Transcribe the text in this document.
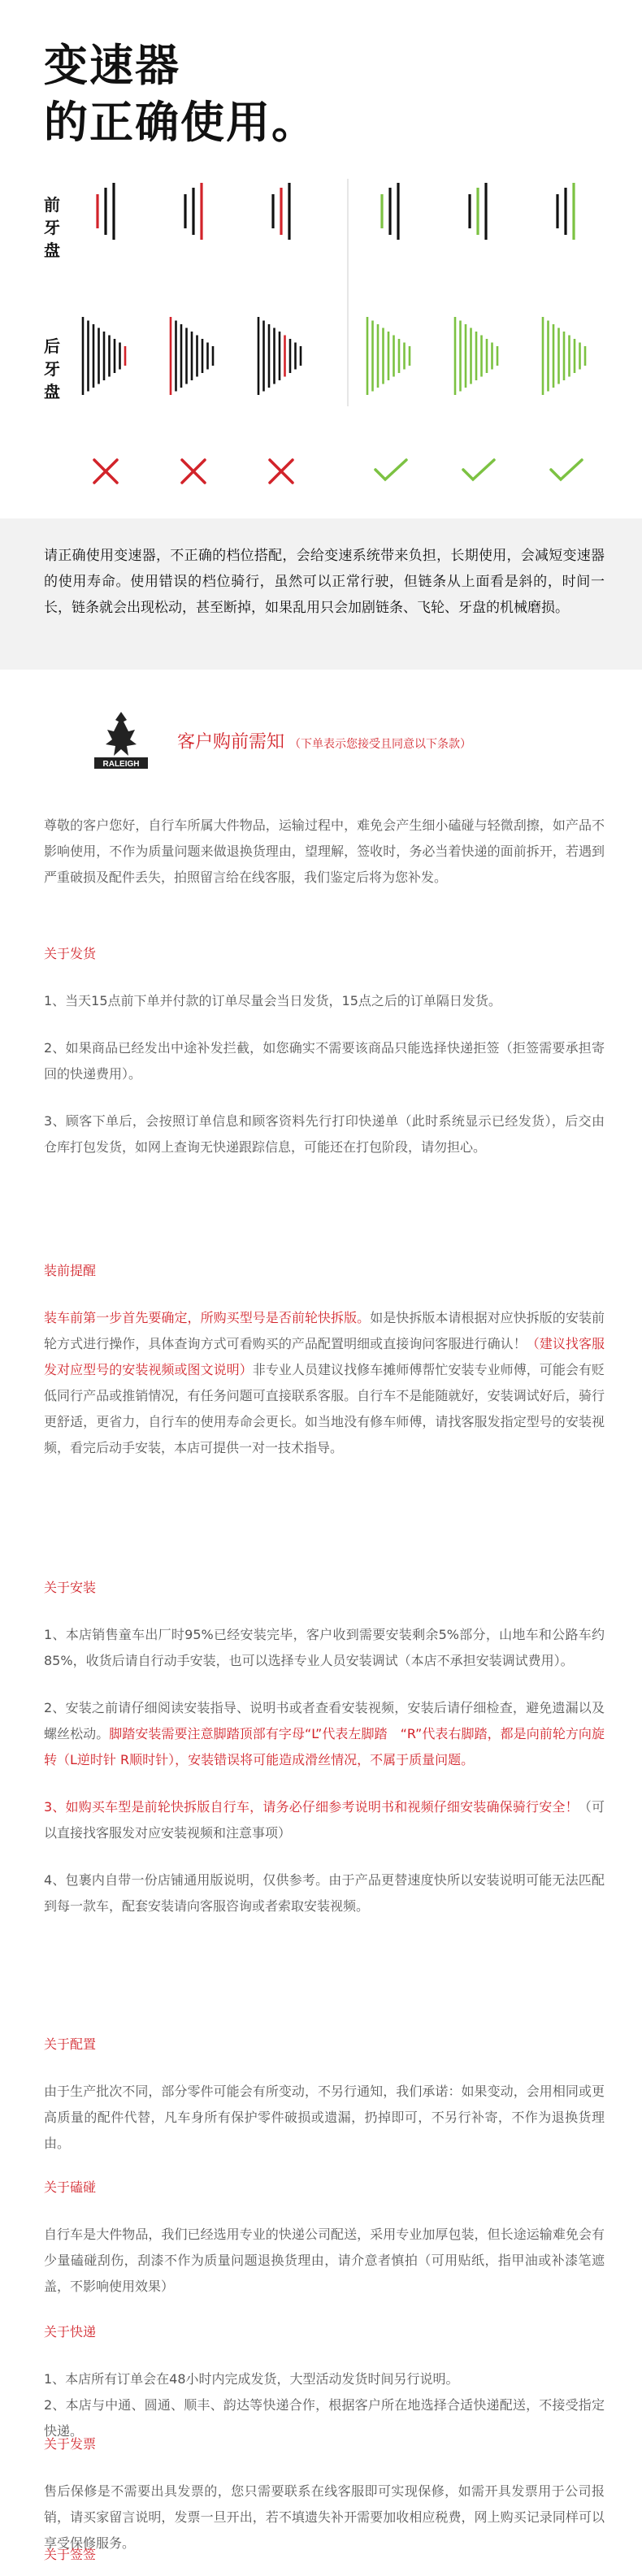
变速器
的正确使用。
前牙盘
后牙盘

请正确使用变速器，不正确的档位搭配，会给变速系统带来负担，长期使用，会减短变速器的使用寿命。使用错误的档位骑行，虽然可以正常行驶，但链条从上面看是斜的，时间一长，链条就会出现松动，甚至断掉，如果乱用只会加剧链条、飞轮、牙盘的机械磨损。

RALEIGH
客户购前需知 （下单表示您接受且同意以下条款）
尊敬的客户您好，自行车所属大件物品，运输过程中，难免会产生细小磕碰与轻微刮擦，如产品不影响使用，不作为质量问题来做退换货理由，望理解，签收时，务必当着快递的面前拆开，若遇到严重破损及配件丢失，拍照留言给在线客服，我们鉴定后将为您补发。
关于发货
1、当天15点前下单并付款的订单尽量会当日发货，15点之后的订单隔日发货。
2、如果商品已经发出中途补发拦截，如您确实不需要该商品只能选择快递拒签（拒签需要承担寄回的快递费用）。
3、顾客下单后，会按照订单信息和顾客资料先行打印快递单（此时系统显示已经发货），后交由仓库打包发货，如网上查询无快递跟踪信息，可能还在打包阶段，请勿担心。
装前提醒
装车前第一步首先要确定，所购买型号是否前轮快拆版。如是快拆版本请根据对应快拆版的安装前轮方式进行操作，具体查询方式可看购买的产品配置明细或直接询问客服进行确认！（建议找客服发对应型号的安装视频或图文说明）非专业人员建议找修车摊师傅帮忙安装专业师傅，可能会有贬低同行产品或推销情况，有任务问题可直接联系客服。自行车不是能随就好，安装调试好后，骑行更舒适，更省力，自行车的使用寿命会更长。如当地没有修车师傅，请找客服发指定型号的安装视频，看完后动手安装，本店可提供一对一技术指导。
关于安装
1、本店销售童车出厂时95%已经安装完毕，客户收到需要安装剩余5%部分，山地车和公路车约85%，收货后请自行动手安装，也可以选择专业人员安装调试（本店不承担安装调试费用）。
2、安装之前请仔细阅读安装指导、说明书或者查看安装视频，安装后请仔细检查，避免遗漏以及螺丝松动。脚踏安装需要注意脚踏顶部有字母“L”代表左脚踏　“R”代表右脚踏，都是向前轮方向旋转（L逆时针 R顺时针），安装错误将可能造成滑丝情况，不属于质量问题。
3、如购买车型是前轮快拆版自行车，请务必仔细参考说明书和视频仔细安装确保骑行安全！（可以直接找客服发对应安装视频和注意事项）
4、包裹内自带一份店铺通用版说明，仅供参考。由于产品更替速度快所以安装说明可能无法匹配到每一款车，配套安装请向客服咨询或者索取安装视频。
关于配置
由于生产批次不同，部分零件可能会有所变动，不另行通知，我们承诺：如果变动，会用相同或更高质量的配件代替，凡车身所有保护零件破损或遗漏，扔掉即可，不另行补寄，不作为退换货理由。
关于磕碰
自行车是大件物品，我们已经选用专业的快递公司配送，采用专业加厚包装，但长途运输难免会有少量磕碰刮伤，刮漆不作为质量问题退换货理由，请介意者慎拍（可用贴纸，指甲油或补漆笔遮盖，不影响使用效果）
关于快递
1、本店所有订单会在48小时内完成发货，大型活动发货时间另行说明。
2、本店与中通、圆通、顺丰、韵达等快递合作，根据客户所在地选择合适快递配送，不接受指定快递。
关于发票
售后保修是不需要出具发票的，您只需要联系在线客服即可实现保修，如需开具发票用于公司报销，请买家留言说明，发票一旦开出，若不填遗失补开需要加收相应税费，网上购买记录同样可以享受保修服务。
关于签签
